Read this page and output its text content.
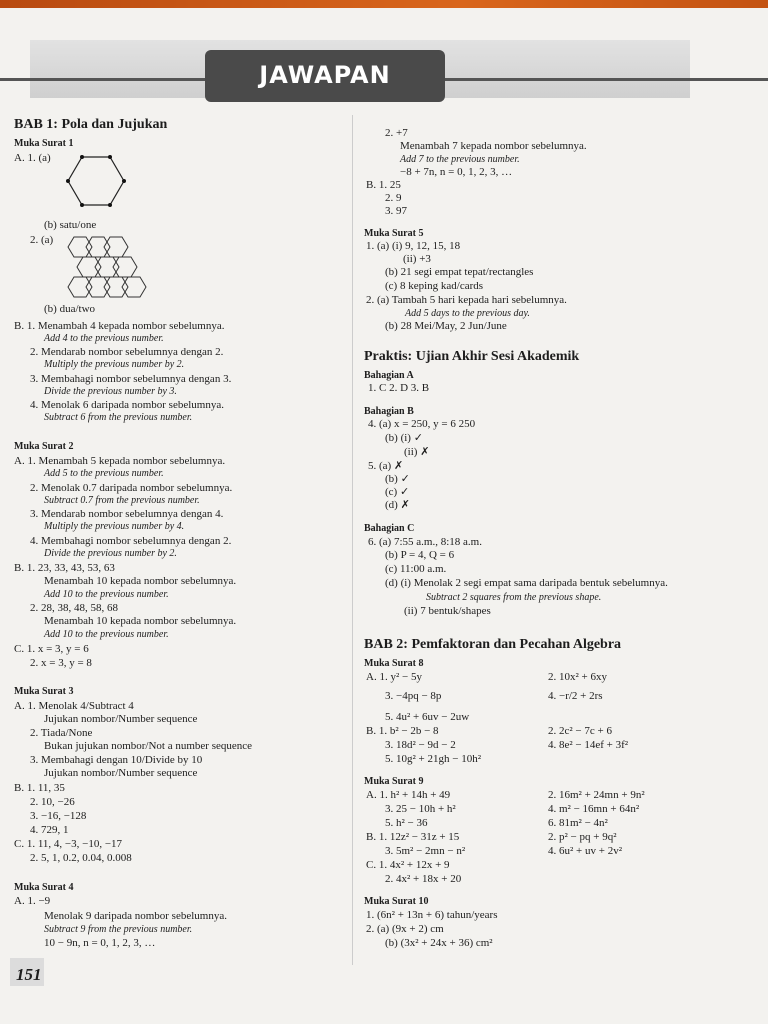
JAWAPAN
BAB 1: Pola dan Jujukan
Muka Surat 1
A. 1. (a)
(b) satu/one
2. (a)
(b) dua/two
B. 1. Menambah 4 kepada nombor sebelumnya.
Add 4 to the previous number.
2. Mendarab nombor sebelumnya dengan 2.
Multiply the previous number by 2.
3. Membahagi nombor sebelumnya dengan 3.
Divide the previous number by 3.
4. Menolak 6 daripada nombor sebelumnya.
Subtract 6 from the previous number.
Muka Surat 2
A. 1. Menambah 5 kepada nombor sebelumnya.
Add 5 to the previous number.
2. Menolak 0.7 daripada nombor sebelumnya.
Subtract 0.7 from the previous number.
3. Mendarab nombor sebelumnya dengan 4.
Multiply the previous number by 4.
4. Membahagi nombor sebelumnya dengan 2.
Divide the previous number by 2.
B. 1. 23, 33, 43, 53, 63
Menambah 10 kepada nombor sebelumnya.
Add 10 to the previous number.
2. 28, 38, 48, 58, 68
Menambah 10 kepada nombor sebelumnya.
Add 10 to the previous number.
C. 1. x = 3, y = 6
2. x = 3, y = 8
Muka Surat 3
A. 1. Menolak 4/Subtract 4
Jujukan nombor/Number sequence
2. Tiada/None
Bukan jujukan nombor/Not a number sequence
3. Membahagi dengan 10/Divide by 10
Jujukan nombor/Number sequence
B. 1. 11, 35
2. 10, −26
3. −16, −128
4. 729, 1
C. 1. 11, 4, −3, −10, −17
2. 5, 1, 0.2, 0.04, 0.008
Muka Surat 4
A. 1. −9
Menolak 9 daripada nombor sebelumnya.
Subtract 9 from the previous number.
10 − 9n, n = 0, 1, 2, 3, …
2. +7
Menambah 7 kepada nombor sebelumnya.
Add 7 to the previous number.
−8 + 7n, n = 0, 1, 2, 3, …
B. 1. 25
2. 9
3. 97
Muka Surat 5
1. (a) (i) 9, 12, 15, 18
(ii) +3
(b) 21 segi empat tepat/rectangles
(c) 8 keping kad/cards
2. (a) Tambah 5 hari kepada hari sebelumnya.
Add 5 days to the previous day.
(b) 28 Mei/May, 2 Jun/June
Praktis: Ujian Akhir Sesi Akademik
Bahagian A
1. C 2. D 3. B
Bahagian B
4. (a) x = 250, y = 6 250
(b) (i) ✓
(ii) ✗
5. (a) ✗
(b) ✓
(c) ✓
(d) ✗
Bahagian C
6. (a) 7:55 a.m., 8:18 a.m.
(b) P = 4, Q = 6
(c) 11:00 a.m.
(d) (i) Menolak 2 segi empat sama daripada bentuk sebelumnya.
Subtract 2 squares from the previous shape.
(ii) 7 bentuk/shapes
BAB 2: Pemfaktoran dan Pecahan Algebra
Muka Surat 8
A. 1. y² − 5y
3. −4pq − 8p
5. 4u² + 6uv − 2uw
B. 1. b² − 2b − 8
3. 18d² − 9d − 2
5. 10g² + 21gh − 10h²
Muka Surat 9
A. 1. h² + 14h + 49
3. 25 − 10h + h²
5. h² − 36
B. 1. 12z² − 31z + 15
3. 5m² − 2mn − n²
C. 1. 4x² + 12x + 9
2. 4x² + 18x + 20
Muka Surat 10
1. (6n² + 13n + 6) tahun/years
2. (a) (9x + 2) cm
(b) (3x² + 24x + 36) cm²
2. 10x² + 6xy
4. −r/2 + 2rs
2. 2c² − 7c + 6
4. 8e² − 14ef + 3f²
2. 16m² + 24mn + 9n²
4. m² − 16mn + 64n²
6. 81m² − 4n²
2. p² − pq + 9q²
4. 6u² + uv + 2v²
151
